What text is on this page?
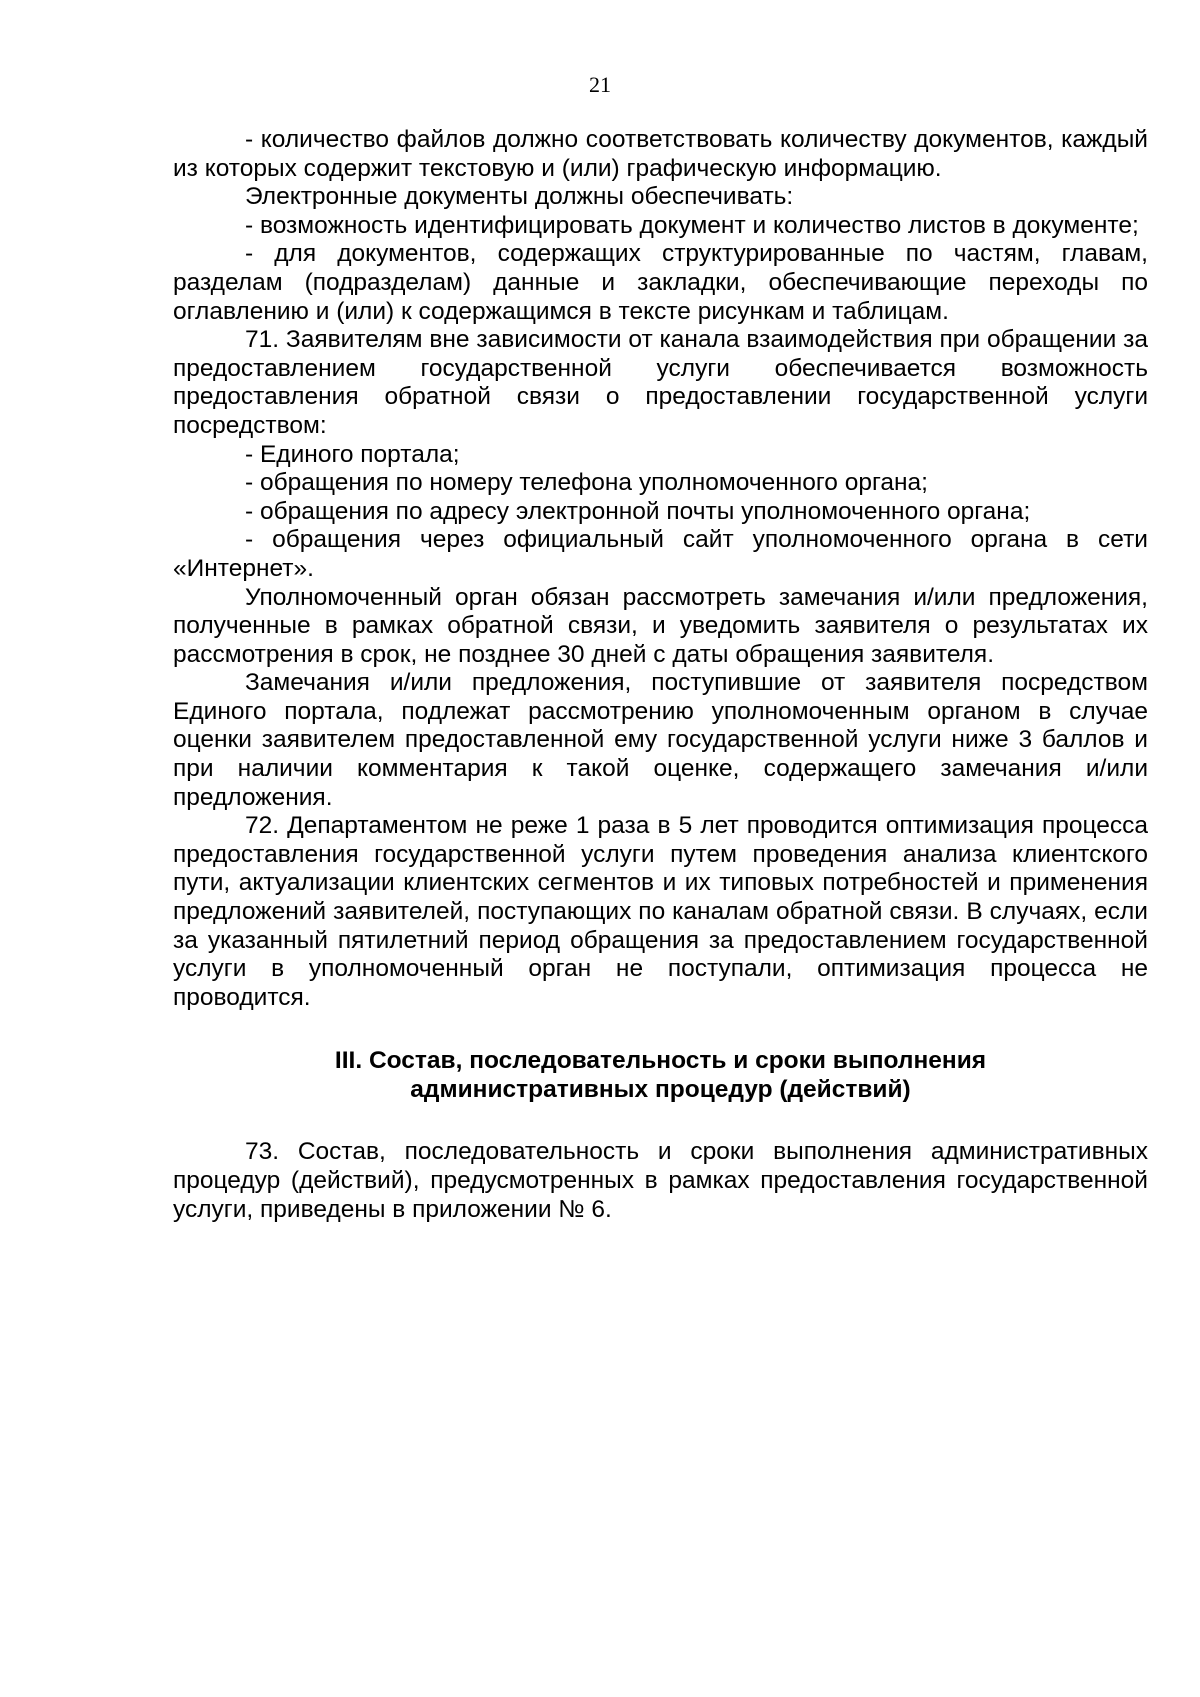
21

- количество файлов должно соответствовать количеству документов, каждый из которых содержит текстовую и (или) графическую информацию.

Электронные документы должны обеспечивать:

- возможность идентифицировать документ и количество листов в документе;

- для документов, содержащих структурированные по частям, главам, разделам (подразделам) данные и закладки, обеспечивающие переходы по оглавлению и (или) к содержащимся в тексте рисункам и таблицам.

71. Заявителям вне зависимости от канала взаимодействия при обращении за предоставлением государственной услуги обеспечивается возможность предоставления обратной связи о предоставлении государственной услуги посредством:

- Единого портала;

- обращения по номеру телефона уполномоченного органа;

- обращения по адресу электронной почты уполномоченного органа;

- обращения через официальный сайт уполномоченного органа в сети «Интернет».

Уполномоченный орган обязан рассмотреть замечания и/или предложения, полученные в рамках обратной связи, и уведомить заявителя о результатах их рассмотрения в срок, не позднее 30 дней с даты обращения заявителя.

Замечания и/или предложения, поступившие от заявителя посредством Единого портала, подлежат рассмотрению уполномоченным органом в случае оценки заявителем предоставленной ему государственной услуги ниже 3 баллов и при наличии комментария к такой оценке, содержащего замечания и/или предложения.

72. Департаментом не реже 1 раза в 5 лет проводится оптимизация процесса предоставления государственной услуги путем проведения анализа клиентского пути, актуализации клиентских сегментов и их типовых потребностей и применения предложений заявителей, поступающих по каналам обратной связи. В случаях, если за указанный пятилетний период обращения за предоставлением государственной услуги в уполномоченный орган не поступали, оптимизация процесса не проводится.

III. Состав, последовательность и сроки выполнения
административных процедур (действий)

73. Состав, последовательность и сроки выполнения административных процедур (действий), предусмотренных в рамках предоставления государственной услуги, приведены в приложении № 6.
